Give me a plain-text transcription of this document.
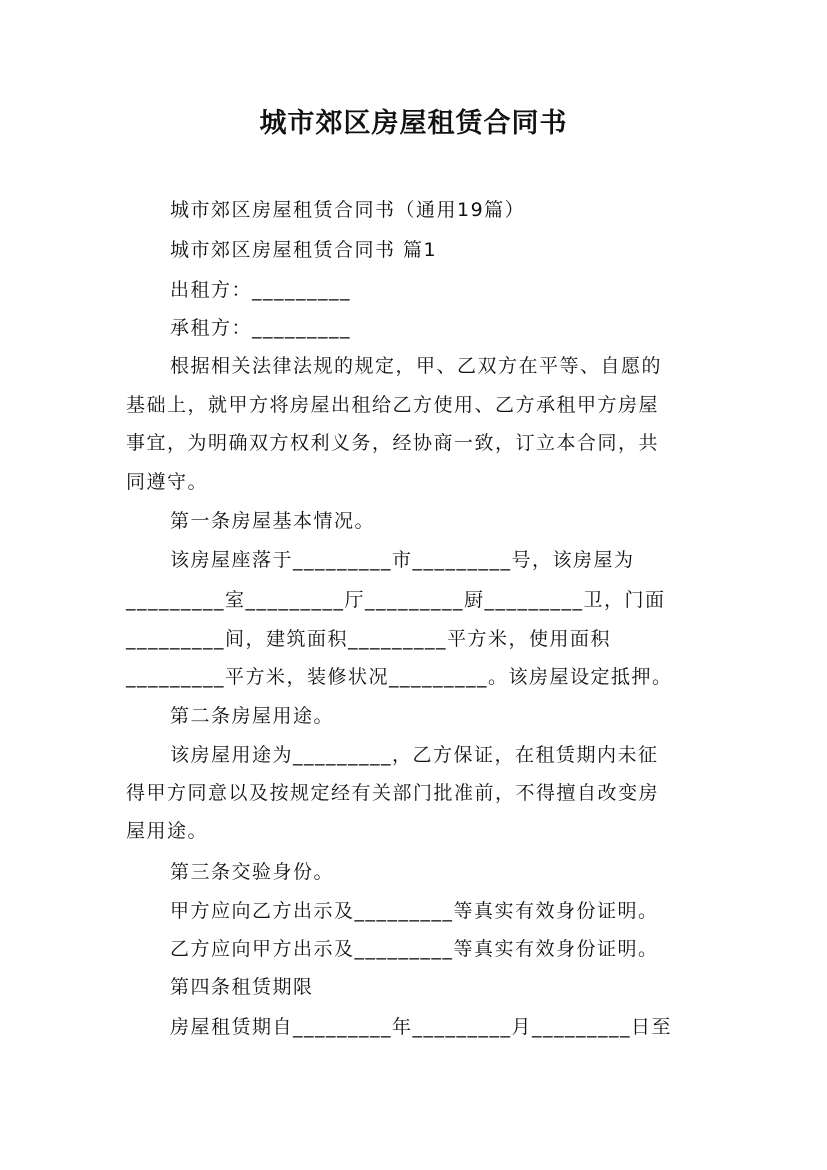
城市郊区房屋租赁合同书
城市郊区房屋租赁合同书（通用19篇）
城市郊区房屋租赁合同书 篇1
出租方：_________
承租方：_________
根据相关法律法规的规定，甲、乙双方在平等、自愿的
基础上，就甲方将房屋出租给乙方使用、乙方承租甲方房屋
事宜，为明确双方权利义务，经协商一致，订立本合同，共
同遵守。
第一条房屋基本情况。
该房屋座落于_________市_________号，该房屋为
_________室_________厅_________厨_________卫，门面
_________间，建筑面积_________平方米，使用面积
_________平方米，装修状况_________。该房屋设定抵押。
第二条房屋用途。
该房屋用途为_________，乙方保证，在租赁期内未征
得甲方同意以及按规定经有关部门批准前，不得擅自改变房
屋用途。
第三条交验身份。
甲方应向乙方出示及_________等真实有效身份证明。
乙方应向甲方出示及_________等真实有效身份证明。
第四条租赁期限
房屋租赁期自_________年_________月_________日至
